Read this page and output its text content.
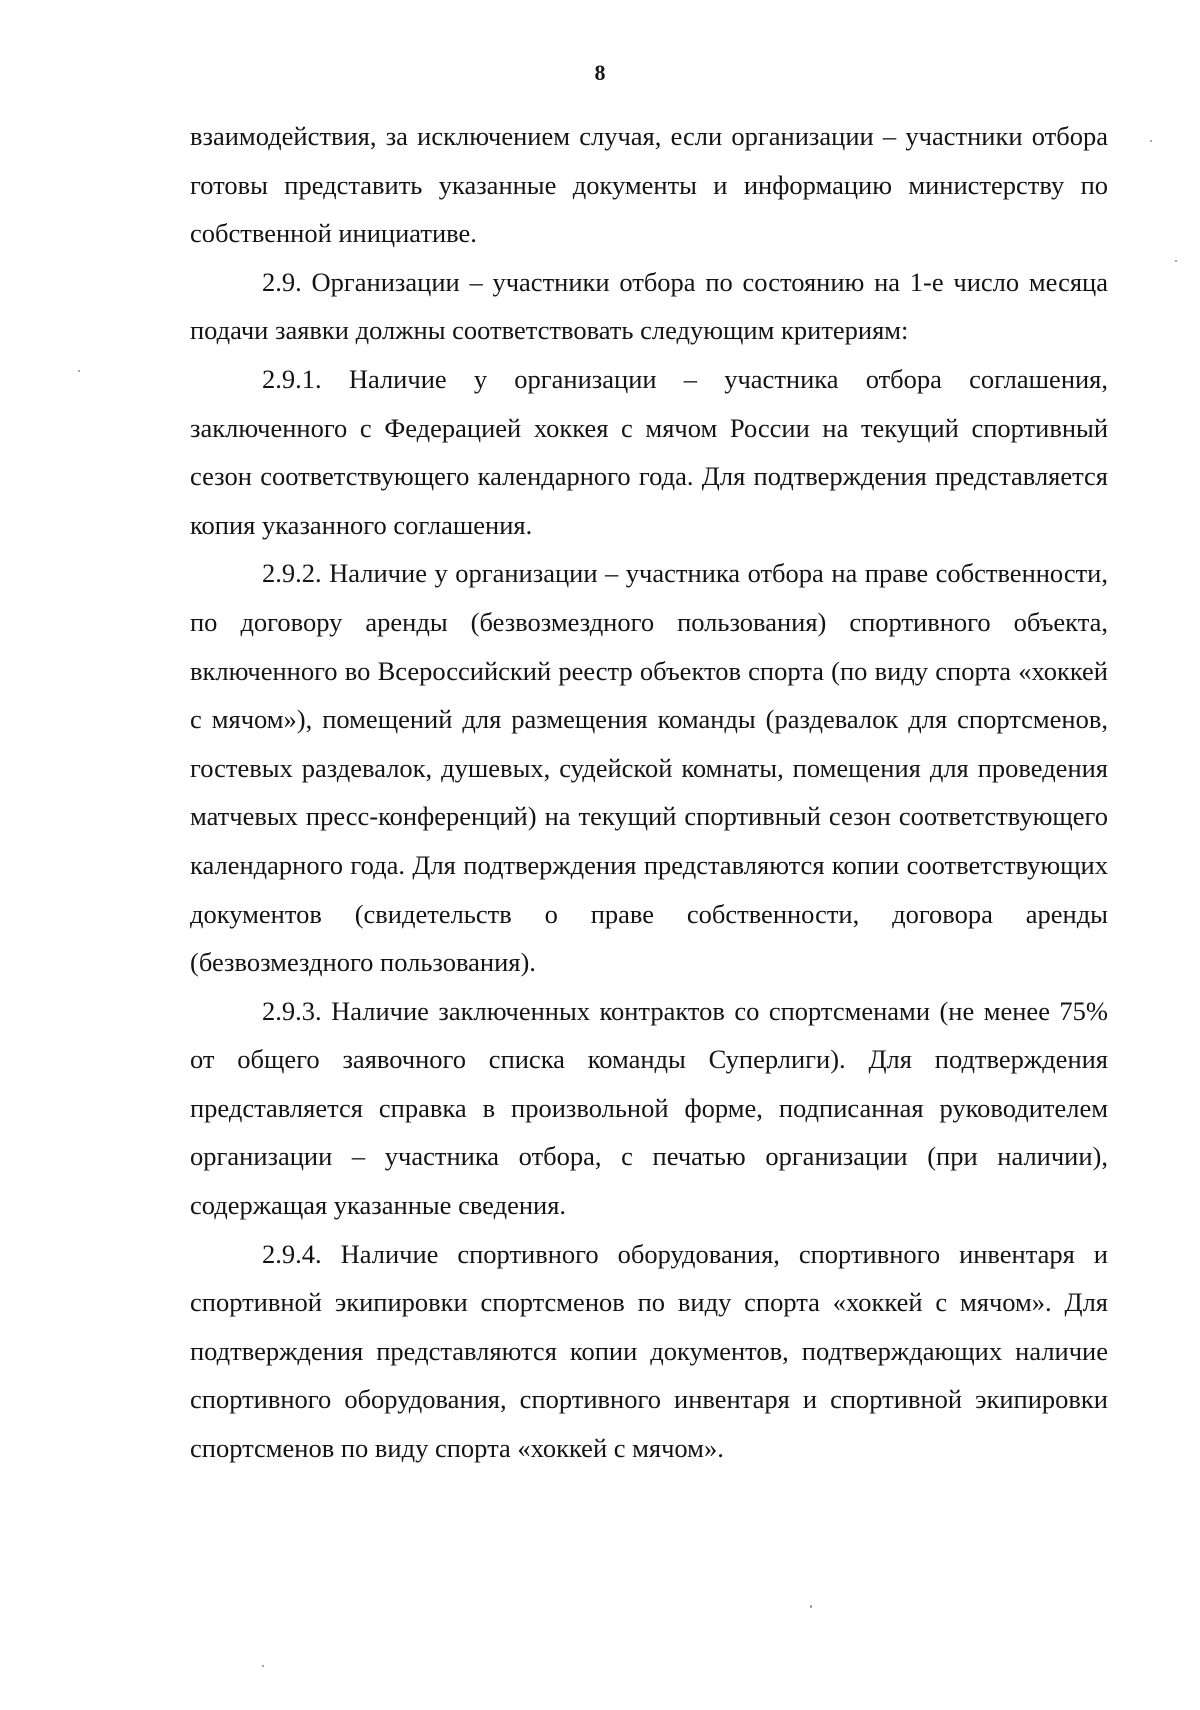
8

взаимодействия, за исключением случая, если организации – участники отбора готовы представить указанные документы и информацию министерству по собственной инициативе.

2.9. Организации – участники отбора по состоянию на 1-е число месяца подачи заявки должны соответствовать следующим критериям:

2.9.1. Наличие у организации – участника отбора соглашения, заключенного с Федерацией хоккея с мячом России на текущий спортивный сезон соответствующего календарного года. Для подтверждения представляется копия указанного соглашения.

2.9.2. Наличие у организации – участника отбора на праве собственности, по договору аренды (безвозмездного пользования) спортивного объекта, включенного во Всероссийский реестр объектов спорта (по виду спорта «хоккей с мячом»), помещений для размещения команды (раздевалок для спортсменов, гостевых раздевалок, душевых, судейской комнаты, помещения для проведения матчевых пресс-конференций) на текущий спортивный сезон соответствующего календарного года. Для подтверждения представляются копии соответствующих документов (свидетельств о праве собственности, договора аренды (безвозмездного пользования).

2.9.3. Наличие заключенных контрактов со спортсменами (не менее 75% от общего заявочного списка команды Суперлиги). Для подтверждения представляется справка в произвольной форме, подписанная руководителем организации – участника отбора, с печатью организации (при наличии), содержащая указанные сведения.

2.9.4. Наличие спортивного оборудования, спортивного инвентаря и спортивной экипировки спортсменов по виду спорта «хоккей с мячом». Для подтверждения представляются копии документов, подтверждающих наличие спортивного оборудования, спортивного инвентаря и спортивной экипировки спортсменов по виду спорта «хоккей с мячом».
